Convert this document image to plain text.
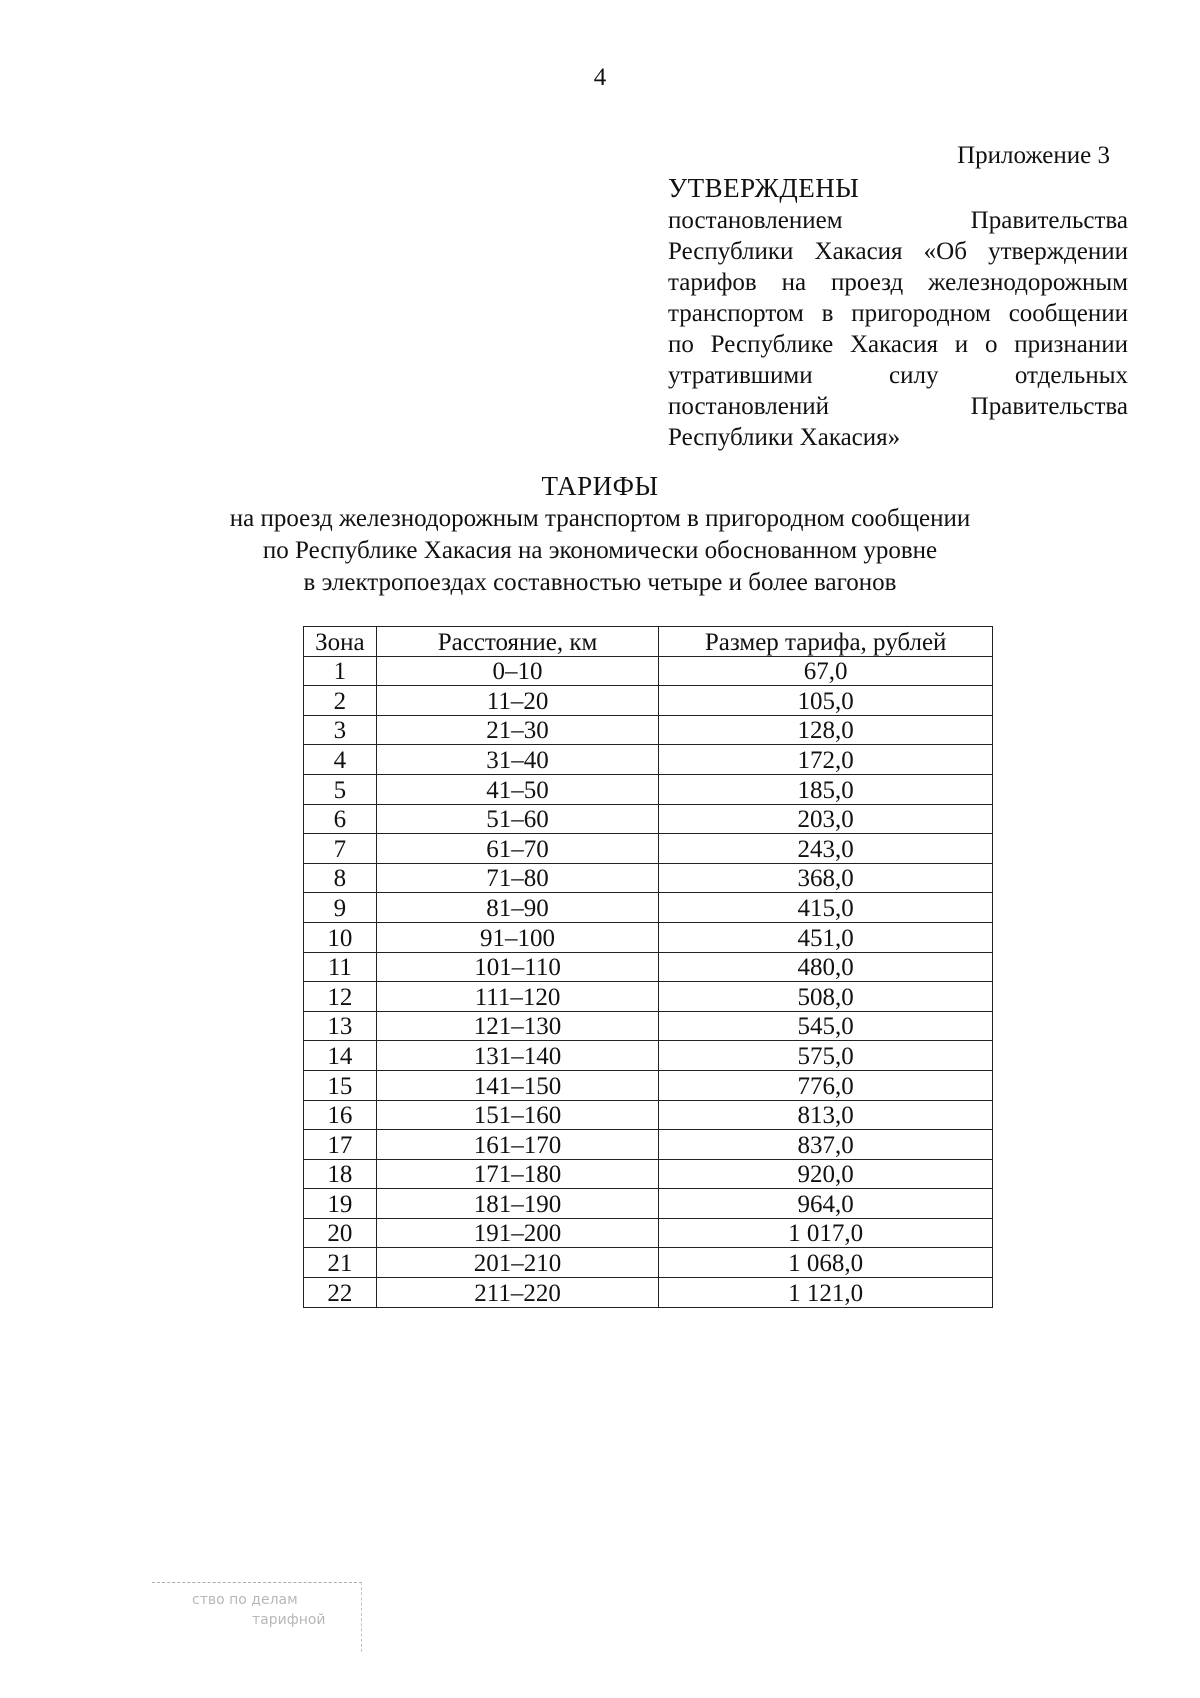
4
Приложение 3
УТВЕРЖДЕНЫ
постановлением Правительства
Республики Хакасия «Об утверждении
тарифов на проезд железнодорожным
транспортом в пригородном сообщении
по Республике Хакасия и о признании
утратившими силу отдельных
постановлений Правительства
Республики Хакасия»
ТАРИФЫ
на проезд железнодорожным транспортом в пригородном сообщении
по Республике Хакасия на экономически обоснованном уровне
в электропоездах составностью четыре и более вагонов
Зона	Расстояние, км	Размер тарифа, рублей
1	0–10	67,0
2	11–20	105,0
3	21–30	128,0
4	31–40	172,0
5	41–50	185,0
6	51–60	203,0
7	61–70	243,0
8	71–80	368,0
9	81–90	415,0
10	91–100	451,0
11	101–110	480,0
12	111–120	508,0
13	121–130	545,0
14	131–140	575,0
15	141–150	776,0
16	151–160	813,0
17	161–170	837,0
18	171–180	920,0
19	181–190	964,0
20	191–200	1 017,0
21	201–210	1 068,0
22	211–220	1 121,0
ство по делам
тарифной
